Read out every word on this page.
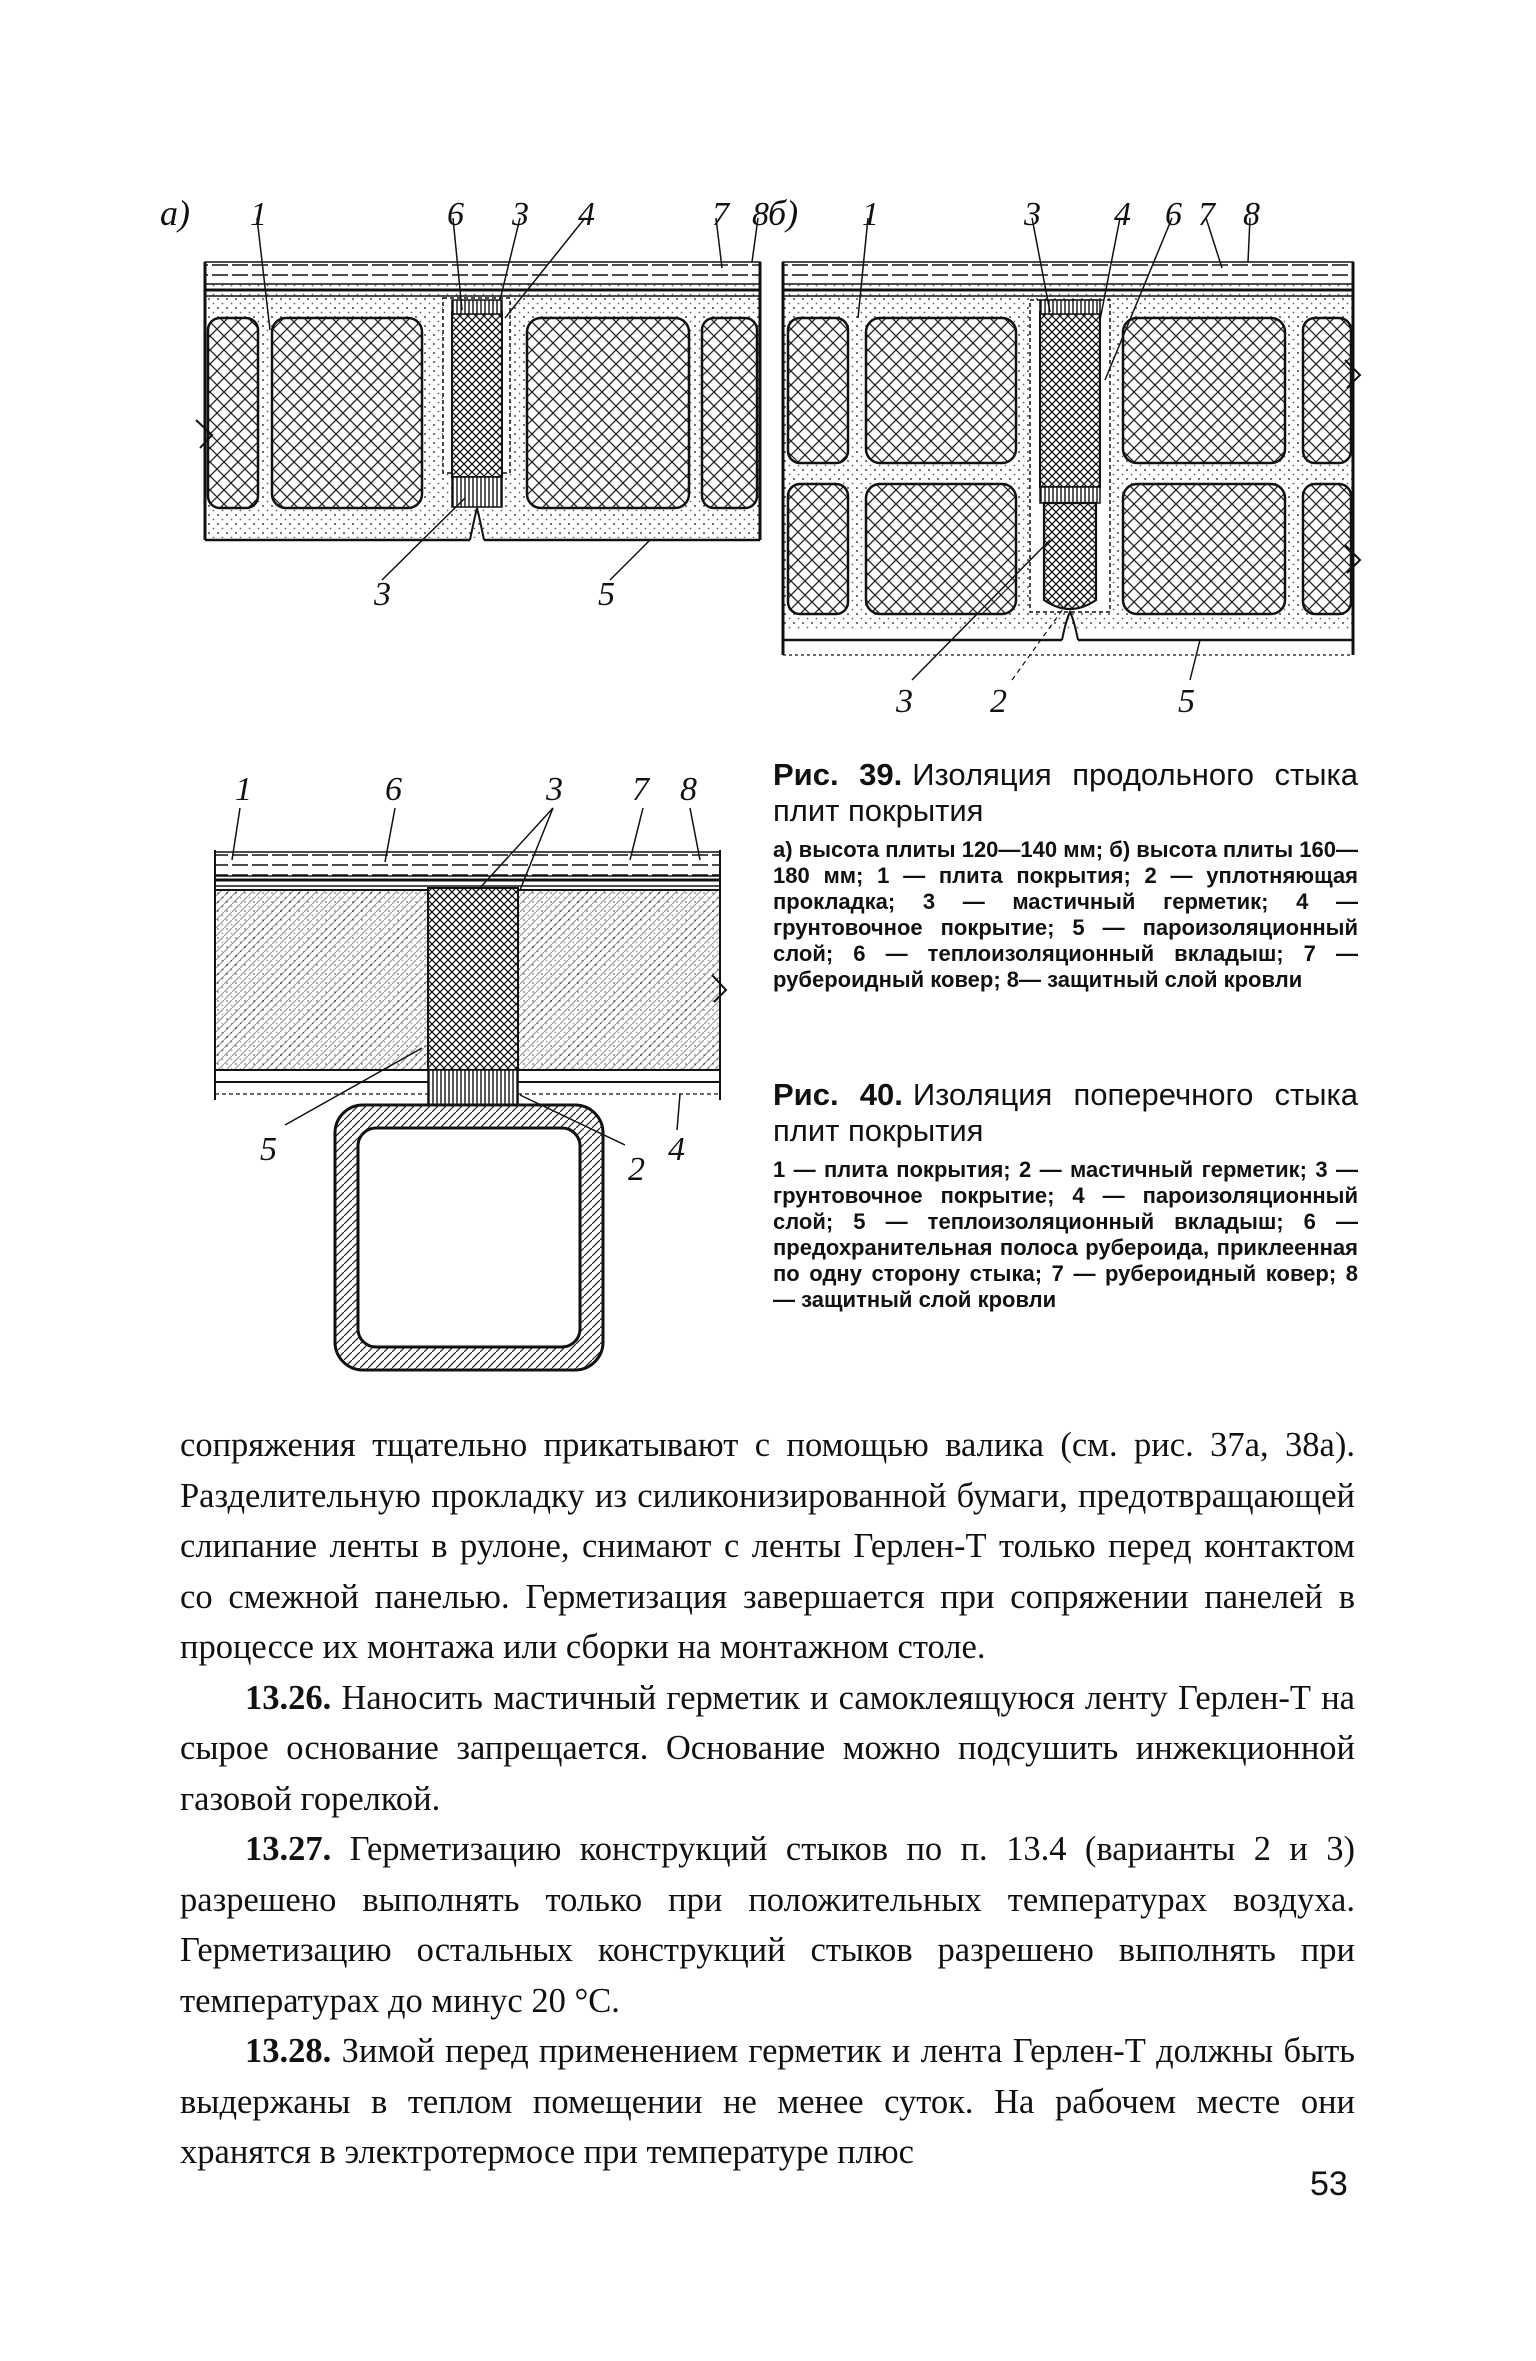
а) 1	6 3 4	7 8
3	5
б) 1	3 4 6 7 8
3 2	5
1	6	3 7 8
5
2
4
Рис. 39. Изоляция продольного стыка плит покрытия
а) высота плиты 120—140 мм; б) высота плиты 160—180 мм; 1 — плита покрытия; 2 — уплотняющая прокладка; 3 — мастичный герметик; 4 — грунтовочное покрытие; 5 — пароизоляционный слой; 6 — теплоизоляционный вкладыш; 7 — рубероидный ковер; 8— защитный слой кровли
Рис. 40. Изоляция поперечного стыка плит покрытия
1 — плита покрытия; 2 — мастичный герметик; 3 — грунтовочное покрытие; 4 — пароизоляционный слой; 5 — теплоизоляционный вкладыш; 6 — предохранительная полоса рубероида, приклеенная по одну сторону стыка; 7 — рубероидный ковер; 8 — защитный слой кровли

сопряжения тщательно прикатывают с помощью валика (см. рис. 37а, 38а). Разделительную прокладку из силиконизированной бумаги, предотвращающей слипание ленты в рулоне, снимают с ленты Герлен-Т только перед контактом со смежной панелью. Герметизация завершается при сопряжении панелей в процессе их монтажа или сборки на монтажном столе.

13.26. Наносить мастичный герметик и самоклеящуюся ленту Герлен-Т на сырое основание запрещается. Основание можно подсушить инжекционной газовой горелкой.

13.27. Герметизацию конструкций стыков по п. 13.4 (варианты 2 и 3) разрешено выполнять только при положительных температурах воздуха. Герметизацию остальных конструкций стыков разрешено выполнять при температурах до минус 20 °С.

13.28. Зимой перед применением герметик и лента Герлен-Т должны быть выдержаны в теплом помещении не менее суток. На рабочем месте они хранятся в электротермосе при температуре плюс

53
